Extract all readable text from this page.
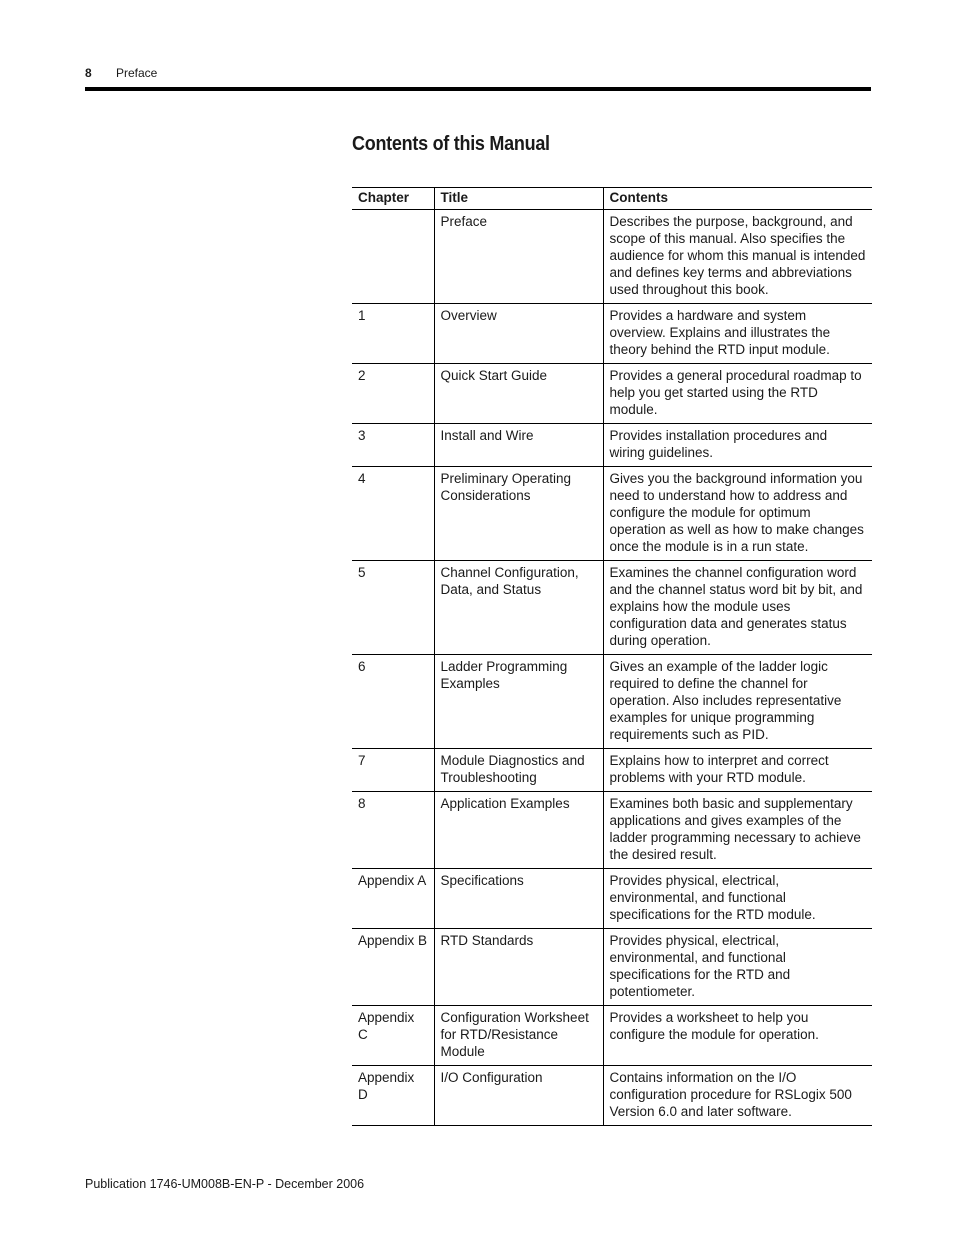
8 Preface
Contents of this Manual
Chapter	Title	Contents
	Preface	Describes the purpose, background, and scope of this manual. Also specifies the audience for whom this manual is intended and defines key terms and abbreviations used throughout this book.
1	Overview	Provides a hardware and system overview. Explains and illustrates the theory behind the RTD input module.
2	Quick Start Guide	Provides a general procedural roadmap to help you get started using the RTD module.
3	Install and Wire	Provides installation procedures and wiring guidelines.
4	Preliminary Operating Considerations	Gives you the background information you need to understand how to address and configure the module for optimum operation as well as how to make changes once the module is in a run state.
5	Channel Configuration, Data, and Status	Examines the channel configuration word and the channel status word bit by bit, and explains how the module uses configuration data and generates status during operation.
6	Ladder Programming Examples	Gives an example of the ladder logic required to define the channel for operation. Also includes representative examples for unique programming requirements such as PID.
7	Module Diagnostics and Troubleshooting	Explains how to interpret and correct problems with your RTD module.
8	Application Examples	Examines both basic and supplementary applications and gives examples of the ladder programming necessary to achieve the desired result.
Appendix A	Specifications	Provides physical, electrical, environmental, and functional specifications for the RTD module.
Appendix B	RTD Standards	Provides physical, electrical, environmental, and functional specifications for the RTD and potentiometer.
Appendix C	Configuration Worksheet for RTD/Resistance Module	Provides a worksheet to help you configure the module for operation.
Appendix D	I/O Configuration	Contains information on the I/O configuration procedure for RSLogix 500 Version 6.0 and later software.
Publication 1746-UM008B-EN-P - December 2006
